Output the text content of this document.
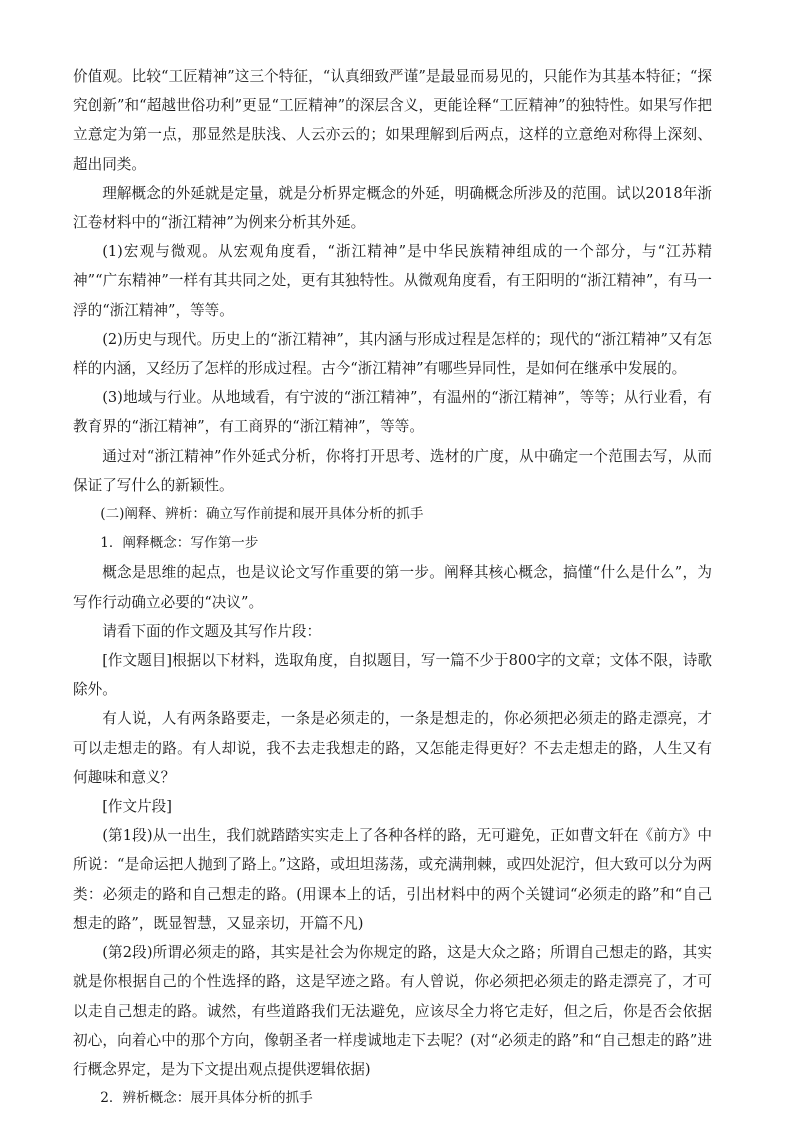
价值观。比较“工匠精神”这三个特征，“认真细致严谨”是最显而易见的，只能作为其基本特征；“探究创新”和“超越世俗功利”更显“工匠精神”的深层含义，更能诠释“工匠精神”的独特性。如果写作把立意定为第一点，那显然是肤浅、人云亦云的；如果理解到后两点，这样的立意绝对称得上深刻、超出同类。

理解概念的外延就是定量，就是分析界定概念的外延，明确概念所涉及的范围。试以2018年浙江卷材料中的“浙江精神”为例来分析其外延。

(1)宏观与微观。从宏观角度看，“浙江精神”是中华民族精神组成的一个部分，与“江苏精神”“广东精神”一样有其共同之处，更有其独特性。从微观角度看，有王阳明的“浙江精神”，有马一浮的“浙江精神”，等等。

(2)历史与现代。历史上的“浙江精神”，其内涵与形成过程是怎样的；现代的“浙江精神”又有怎样的内涵，又经历了怎样的形成过程。古今“浙江精神”有哪些异同性，是如何在继承中发展的。

(3)地域与行业。从地域看，有宁波的“浙江精神”，有温州的“浙江精神”，等等；从行业看，有教育界的“浙江精神”，有工商界的“浙江精神”，等等。

通过对“浙江精神”作外延式分析，你将打开思考、选材的广度，从中确定一个范围去写，从而保证了写什么的新颖性。

(二)阐释、辨析：确立写作前提和展开具体分析的抓手

1．阐释概念：写作第一步

概念是思维的起点，也是议论文写作重要的第一步。阐释其核心概念，搞懂“什么是什么”，为写作行动确立必要的“决议”。

请看下面的作文题及其写作片段：

[作文题目]根据以下材料，选取角度，自拟题目，写一篇不少于800字的文章；文体不限，诗歌除外。

有人说，人有两条路要走，一条是必须走的，一条是想走的，你必须把必须走的路走漂亮，才可以走想走的路。有人却说，我不去走我想走的路，又怎能走得更好？不去走想走的路，人生又有何趣味和意义？

[作文片段]

(第1段)从一出生，我们就踏踏实实走上了各种各样的路，无可避免，正如曹文轩在《前方》中所说：“是命运把人抛到了路上。”这路，或坦坦荡荡，或充满荆棘，或四处泥泞，但大致可以分为两类：必须走的路和自己想走的路。(用课本上的话，引出材料中的两个关键词“必须走的路”和“自己想走的路”，既显智慧，又显亲切，开篇不凡)

(第2段)所谓必须走的路，其实是社会为你规定的路，这是大众之路；所谓自己想走的路，其实就是你根据自己的个性选择的路，这是罕迹之路。有人曾说，你必须把必须走的路走漂亮了，才可以走自己想走的路。诚然，有些道路我们无法避免，应该尽全力将它走好，但之后，你是否会依据初心，向着心中的那个方向，像朝圣者一样虔诚地走下去呢？(对“必须走的路”和“自己想走的路”进行概念界定，是为下文提出观点提供逻辑依据)

2．辨析概念：展开具体分析的抓手
